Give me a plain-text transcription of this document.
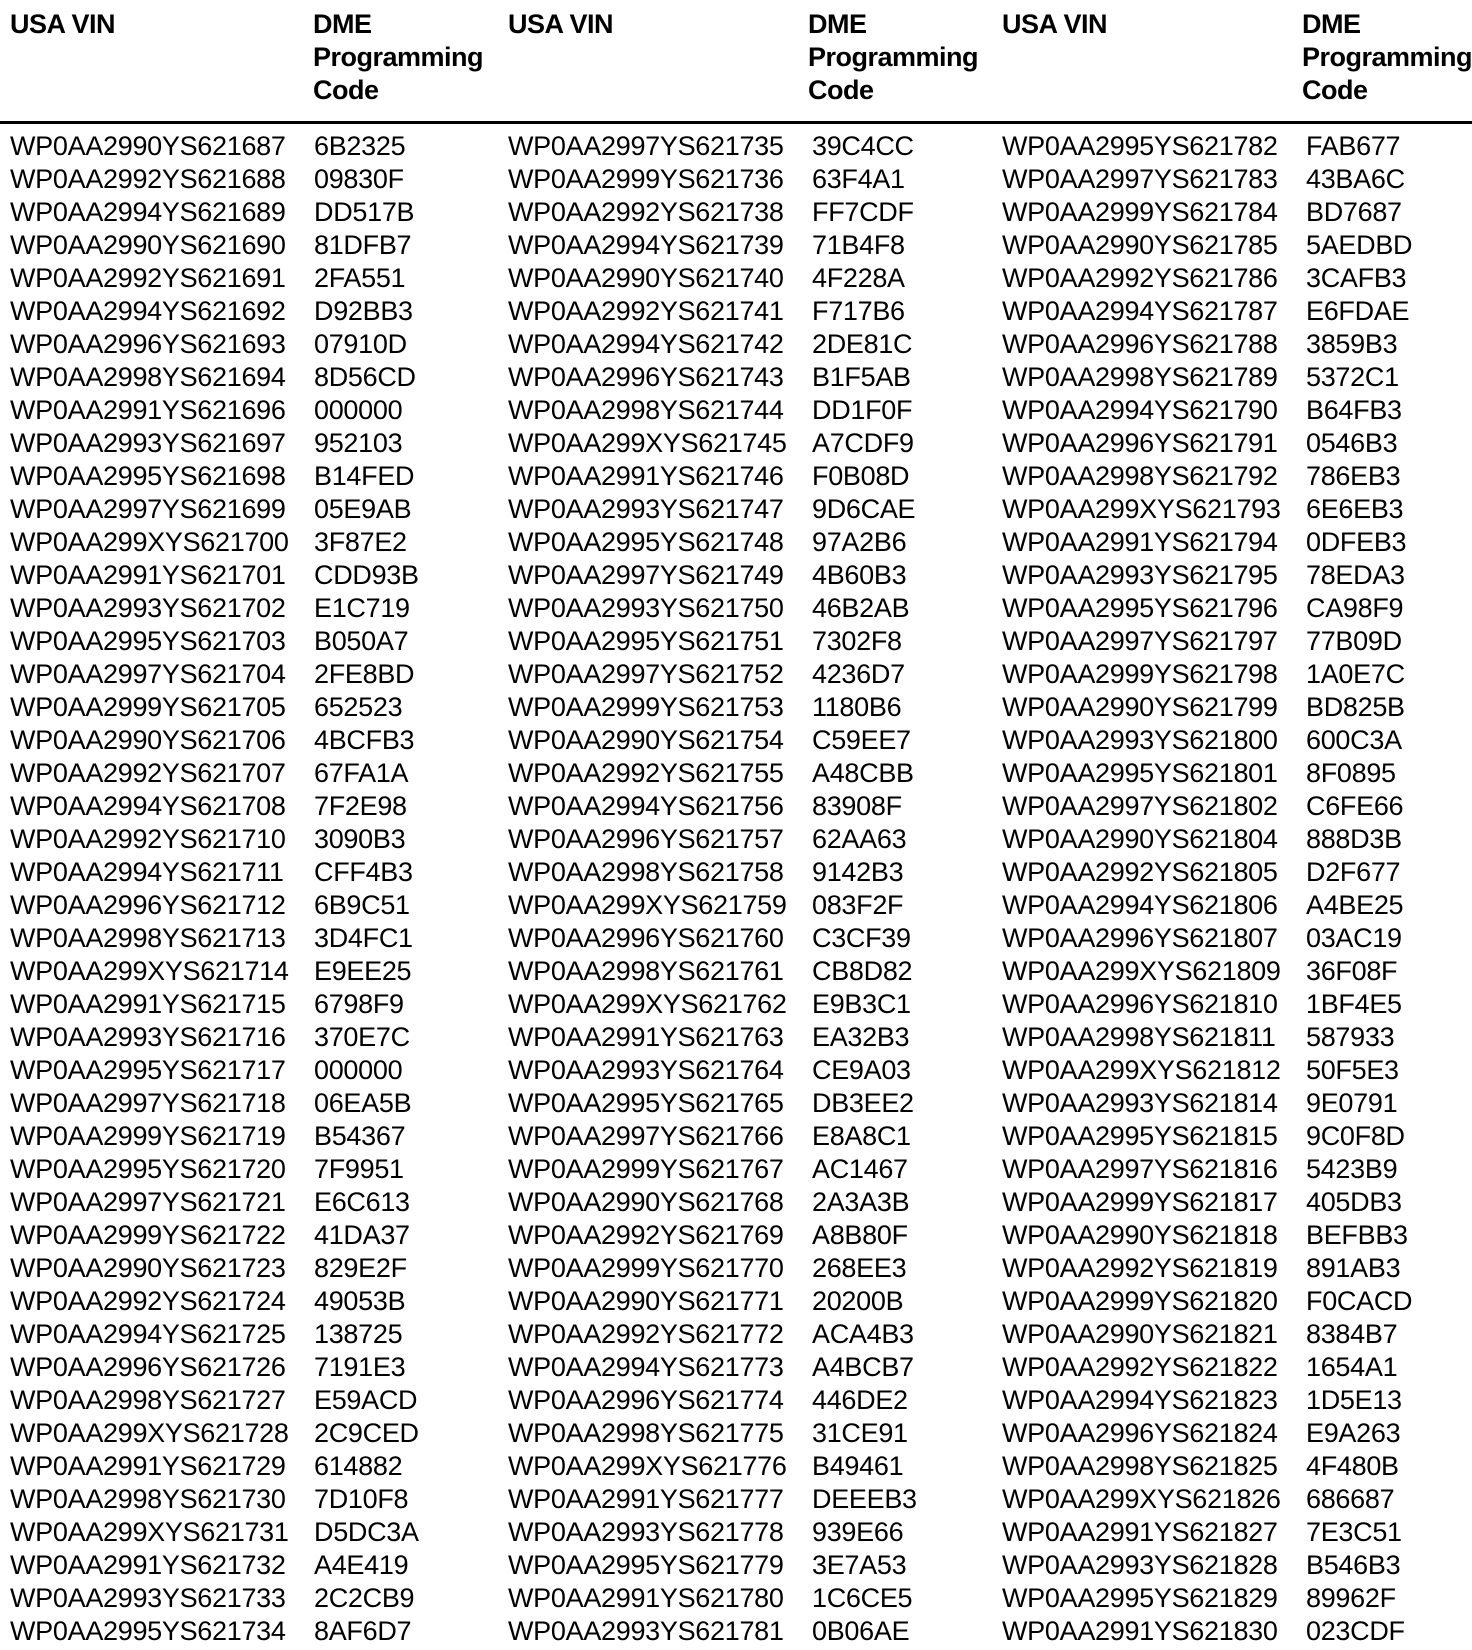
USA VIN	DME
Programming
Code
USA VIN	DME
Programming
Code
USA VIN	DME
Programming
Code
WP0AA2990YS621687	6B2325
WP0AA2992YS621688	09830F
WP0AA2994YS621689	DD517B
WP0AA2990YS621690	81DFB7
WP0AA2992YS621691	2FA551
WP0AA2994YS621692	D92BB3
WP0AA2996YS621693	07910D
WP0AA2998YS621694	8D56CD
WP0AA2991YS621696	000000
WP0AA2993YS621697	952103
WP0AA2995YS621698	B14FED
WP0AA2997YS621699	05E9AB
WP0AA299XYS621700 3F87E2
WP0AA2991YS621701	CDD93B
WP0AA2993YS621702	E1C719
WP0AA2995YS621703	B050A7
WP0AA2997YS621704	2FE8BD
WP0AA2999YS621705	652523
WP0AA2990YS621706	4BCFB3
WP0AA2992YS621707	67FA1A
WP0AA2994YS621708	7F2E98
WP0AA2992YS621710	3090B3
WP0AA2994YS621711	CFF4B3
WP0AA2996YS621712	6B9C51
WP0AA2998YS621713	3D4FC1
WP0AA299XYS621714 E9EE25
WP0AA2991YS621715	6798F9
WP0AA2993YS621716	370E7C
WP0AA2995YS621717	000000
WP0AA2997YS621718	06EA5B
WP0AA2999YS621719	B54367
WP0AA2995YS621720	7F9951
WP0AA2997YS621721	E6C613
WP0AA2999YS621722	41DA37
WP0AA2990YS621723	829E2F
WP0AA2992YS621724	49053B
WP0AA2994YS621725	138725
WP0AA2996YS621726	7191E3
WP0AA2998YS621727	E59ACD
WP0AA299XYS621728 2C9CED
WP0AA2991YS621729	614882
WP0AA2998YS621730	7D10F8
WP0AA299XYS621731 D5DC3A
WP0AA2991YS621732	A4E419
WP0AA2993YS621733	2C2CB9
WP0AA2995YS621734	8AF6D7
WP0AA2997YS621735	39C4CC
WP0AA2999YS621736	63F4A1
WP0AA2992YS621738	FF7CDF
WP0AA2994YS621739	71B4F8
WP0AA2990YS621740	4F228A
WP0AA2992YS621741	F717B6
WP0AA2994YS621742	2DE81C
WP0AA2996YS621743	B1F5AB
WP0AA2998YS621744	DD1F0F
WP0AA299XYS621745 A7CDF9
WP0AA2991YS621746	F0B08D
WP0AA2993YS621747	9D6CAE
WP0AA2995YS621748	97A2B6
WP0AA2997YS621749	4B60B3
WP0AA2993YS621750	46B2AB
WP0AA2995YS621751	7302F8
WP0AA2997YS621752	4236D7
WP0AA2999YS621753	1180B6
WP0AA2990YS621754	C59EE7
WP0AA2992YS621755	A48CBB
WP0AA2994YS621756	83908F
WP0AA2996YS621757	62AA63
WP0AA2998YS621758	9142B3
WP0AA299XYS621759 083F2F
WP0AA2996YS621760	C3CF39
WP0AA2998YS621761	CB8D82
WP0AA299XYS621762 E9B3C1
WP0AA2991YS621763	EA32B3
WP0AA2993YS621764	CE9A03
WP0AA2995YS621765	DB3EE2
WP0AA2997YS621766	E8A8C1
WP0AA2999YS621767	AC1467
WP0AA2990YS621768	2A3A3B
WP0AA2992YS621769	A8B80F
WP0AA2999YS621770	268EE3
WP0AA2990YS621771	20200B
WP0AA2992YS621772	ACA4B3
WP0AA2994YS621773	A4BCB7
WP0AA2996YS621774	446DE2
WP0AA2998YS621775	31CE91
WP0AA299XYS621776 B49461
WP0AA2991YS621777	DEEEB3
WP0AA2993YS621778	939E66
WP0AA2995YS621779	3E7A53
WP0AA2991YS621780	1C6CE5
WP0AA2993YS621781	0B06AE
WP0AA2995YS621782	FAB677
WP0AA2997YS621783	43BA6C
WP0AA2999YS621784	BD7687
WP0AA2990YS621785	5AEDBD
WP0AA2992YS621786	3CAFB3
WP0AA2994YS621787	E6FDAE
WP0AA2996YS621788	3859B3
WP0AA2998YS621789	5372C1
WP0AA2994YS621790	B64FB3
WP0AA2996YS621791	0546B3
WP0AA2998YS621792	786EB3
WP0AA299XYS621793 6E6EB3
WP0AA2991YS621794	0DFEB3
WP0AA2993YS621795	78EDA3
WP0AA2995YS621796	CA98F9
WP0AA2997YS621797	77B09D
WP0AA2999YS621798	1A0E7C
WP0AA2990YS621799	BD825B
WP0AA2993YS621800	600C3A
WP0AA2995YS621801	8F0895
WP0AA2997YS621802	C6FE66
WP0AA2990YS621804	888D3B
WP0AA2992YS621805	D2F677
WP0AA2994YS621806	A4BE25
WP0AA2996YS621807	03AC19
WP0AA299XYS621809 36F08F
WP0AA2996YS621810	1BF4E5
WP0AA2998YS621811	587933
WP0AA299XYS621812 50F5E3
WP0AA2993YS621814	9E0791
WP0AA2995YS621815	9C0F8D
WP0AA2997YS621816	5423B9
WP0AA2999YS621817	405DB3
WP0AA2990YS621818	BEFBB3
WP0AA2992YS621819	891AB3
WP0AA2999YS621820	F0CACD
WP0AA2990YS621821	8384B7
WP0AA2992YS621822	1654A1
WP0AA2994YS621823	1D5E13
WP0AA2996YS621824	E9A263
WP0AA2998YS621825	4F480B
WP0AA299XYS621826 686687
WP0AA2991YS621827	7E3C51
WP0AA2993YS621828	B546B3
WP0AA2995YS621829	89962F
WP0AA2991YS621830	023CDF
